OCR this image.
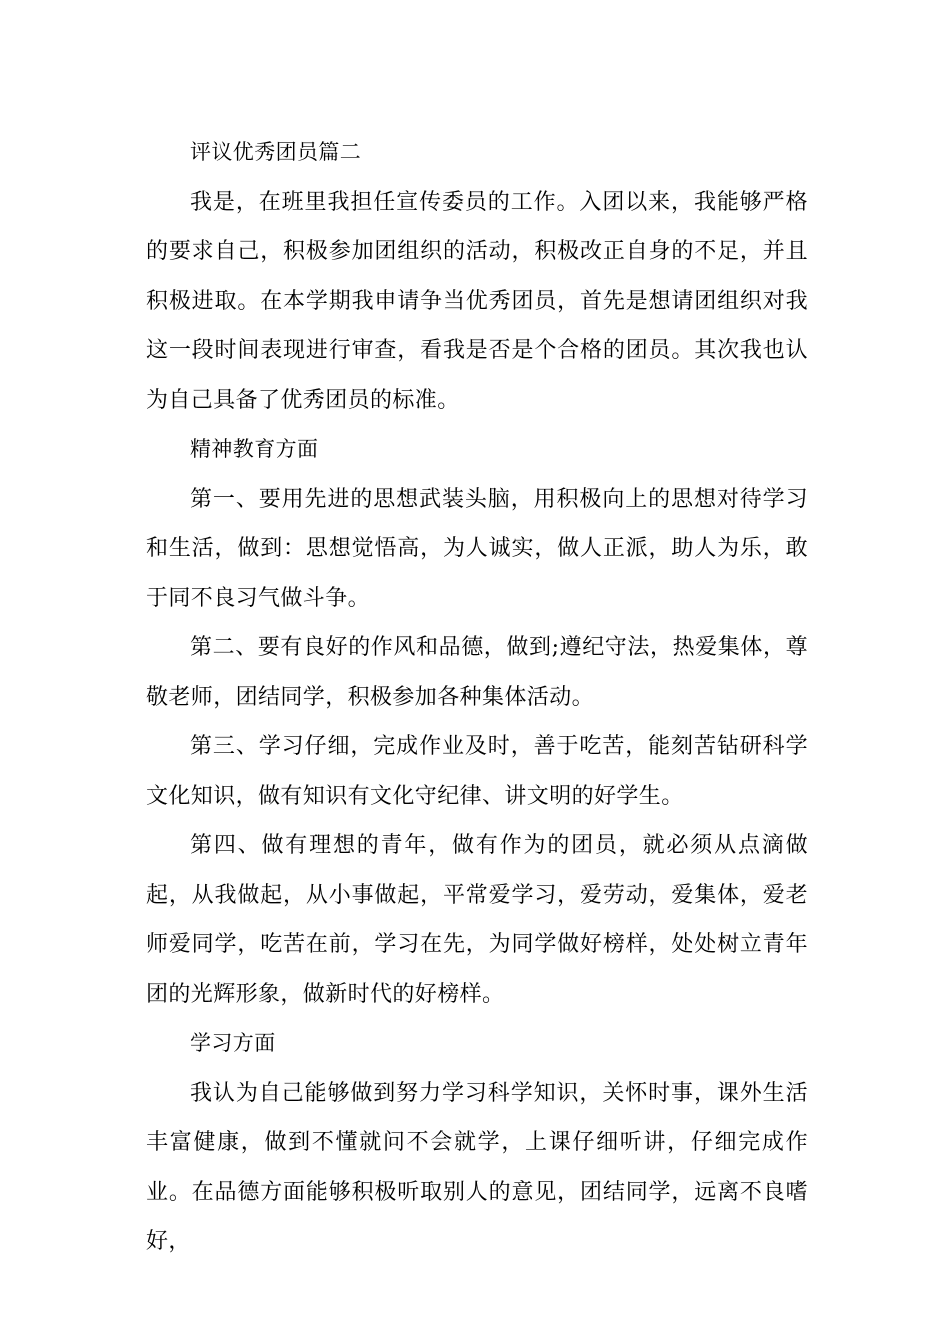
评议优秀团员篇二

我是，在班里我担任宣传委员的工作。入团以来，我能够严格的要求自己，积极参加团组织的活动，积极改正自身的不足，并且积极进取。在本学期我申请争当优秀团员，首先是想请团组织对我这一段时间表现进行审查，看我是否是个合格的团员。其次我也认为自己具备了优秀团员的标准。

精神教育方面

第一、要用先进的思想武装头脑，用积极向上的思想对待学习和生活，做到：思想觉悟高，为人诚实，做人正派，助人为乐，敢于同不良习气做斗争。

第二、要有良好的作风和品德，做到;遵纪守法，热爱集体，尊敬老师，团结同学，积极参加各种集体活动。

第三、学习仔细，完成作业及时，善于吃苦，能刻苦钻研科学文化知识，做有知识有文化守纪律、讲文明的好学生。

第四、做有理想的青年，做有作为的团员，就必须从点滴做起，从我做起，从小事做起，平常爱学习，爱劳动，爱集体，爱老师爱同学，吃苦在前，学习在先，为同学做好榜样，处处树立青年团的光辉形象，做新时代的好榜样。

学习方面

我认为自己能够做到努力学习科学知识，关怀时事，课外生活丰富健康，做到不懂就问不会就学，上课仔细听讲，仔细完成作业。在品德方面能够积极听取别人的意见，团结同学，远离不良嗜好，
